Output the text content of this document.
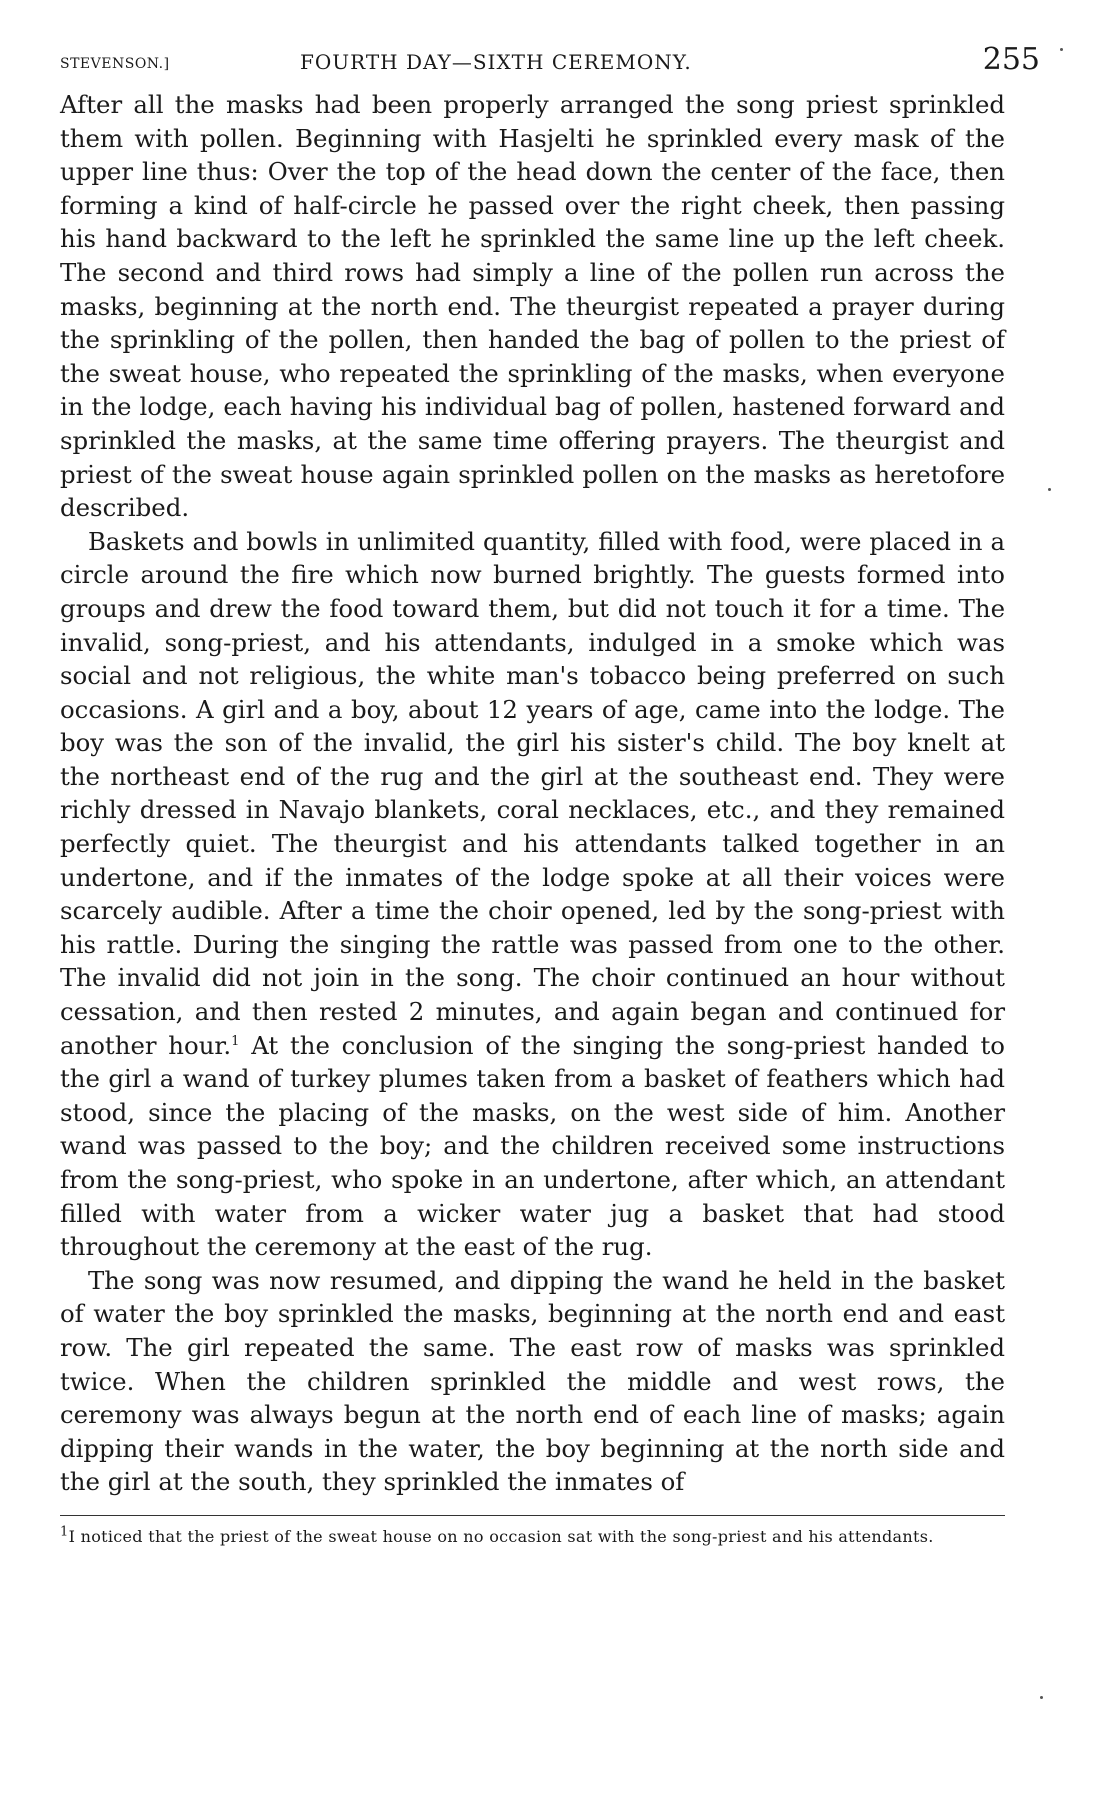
STEVENSON.]	FOURTH DAY—SIXTH CEREMONY.	255

After all the masks had been properly arranged the song priest sprinkled them with pollen. Beginning with Hasjelti he sprinkled every mask of the upper line thus: Over the top of the head down the center of the face, then forming a kind of half-circle he passed over the right cheek, then passing his hand backward to the left he sprinkled the same line up the left cheek. The second and third rows had simply a line of the pollen run across the masks, beginning at the north end. The theurgist repeated a prayer during the sprinkling of the pollen, then handed the bag of pollen to the priest of the sweat house, who repeated the sprinkling of the masks, when everyone in the lodge, each having his individual bag of pollen, hastened forward and sprinkled the masks, at the same time offering prayers. The theurgist and priest of the sweat house again sprinkled pollen on the masks as heretofore described.

Baskets and bowls in unlimited quantity, filled with food, were placed in a circle around the fire which now burned brightly. The guests formed into groups and drew the food toward them, but did not touch it for a time. The invalid, song-priest, and his attendants, indulged in a smoke which was social and not religious, the white man's tobacco being preferred on such occasions. A girl and a boy, about 12 years of age, came into the lodge. The boy was the son of the invalid, the girl his sister's child. The boy knelt at the northeast end of the rug and the girl at the southeast end. They were richly dressed in Navajo blankets, coral necklaces, etc., and they remained perfectly quiet. The theurgist and his attendants talked together in an undertone, and if the inmates of the lodge spoke at all their voices were scarcely audible. After a time the choir opened, led by the song-priest with his rattle. During the singing the rattle was passed from one to the other. The invalid did not join in the song. The choir continued an hour without cessation, and then rested 2 minutes, and again began and continued for another hour.$^1$ At the conclusion of the singing the song-priest handed to the girl a wand of turkey plumes taken from a basket of feathers which had stood, since the placing of the masks, on the west side of him. Another wand was passed to the boy; and the children received some instructions from the song-priest, who spoke in an undertone, after which, an attendant filled with water from a wicker water jug a basket that had stood throughout the ceremony at the east of the rug.

The song was now resumed, and dipping the wand he held in the basket of water the boy sprinkled the masks, beginning at the north end and east row. The girl repeated the same. The east row of masks was sprinkled twice. When the children sprinkled the middle and west rows, the ceremony was always begun at the north end of each line of masks; again dipping their wands in the water, the boy beginning at the north side and the girl at the south, they sprinkled the inmates of

$^1$I noticed that the priest of the sweat house on no occasion sat with the song-priest and his attendants.
